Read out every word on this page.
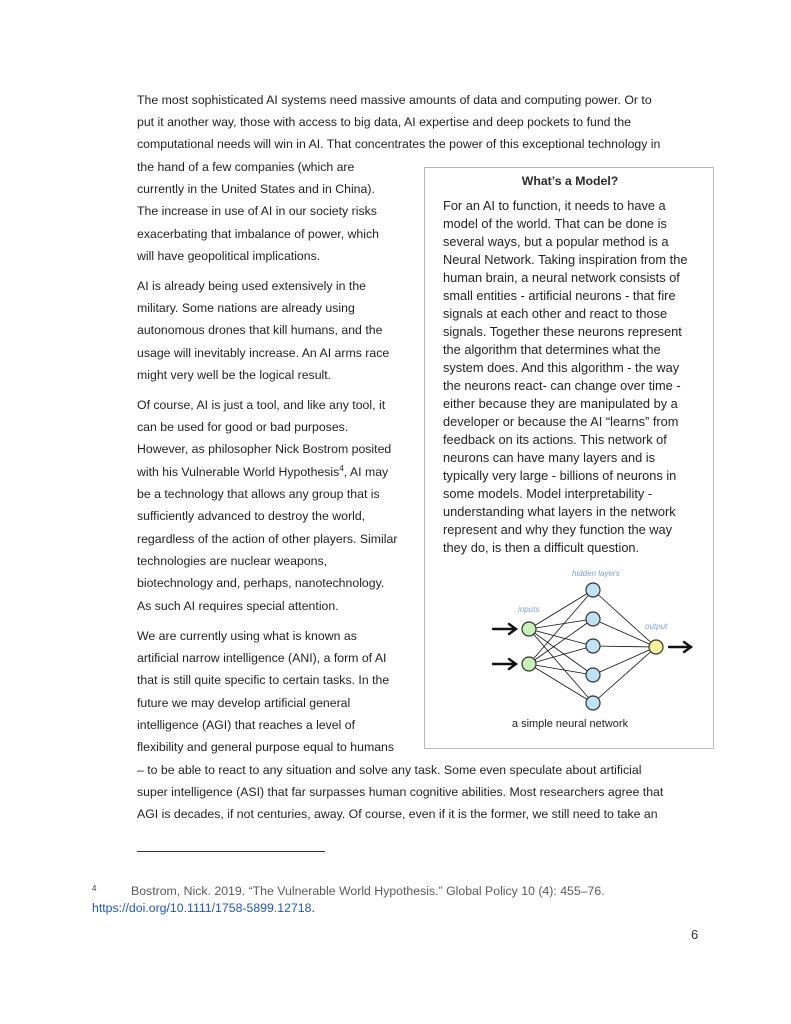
The most sophisticated AI systems need massive amounts of data and computing power. Or to
put it another way, those with access to big data, AI expertise and deep pockets to fund the
computational needs will win in AI. That concentrates the power of this exceptional technology in
the hand of a few companies (which are
currently in the United States and in China).
The increase in use of AI in our society risks
exacerbating that imbalance of power, which
will have geopolitical implications.
AI is already being used extensively in the
military. Some nations are already using
autonomous drones that kill humans, and the
usage will inevitably increase. An AI arms race
might very well be the logical result.
Of course, AI is just a tool, and like any tool, it
can be used for good or bad purposes.
However, as philosopher Nick Bostrom posited
with his Vulnerable World Hypothesis$^4$, AI may
be a technology that allows any group that is
sufficiently advanced to destroy the world,
regardless of the action of other players. Similar
technologies are nuclear weapons,
biotechnology and, perhaps, nanotechnology.
As such AI requires special attention.
We are currently using what is known as
artificial narrow intelligence (ANI), a form of AI
that is still quite specific to certain tasks. In the
future we may develop artificial general
intelligence (AGI) that reaches a level of
flexibility and general purpose equal to humans
– to be able to react to any situation and solve any task. Some even speculate about artificial
super intelligence (ASI) that far surpasses human cognitive abilities. Most researchers agree that
AGI is decades, if not centuries, away. Of course, even if it is the former, we still need to take an
What’s a Model?
For an AI to function, it needs to have a
model of the world. That can be done is
several ways, but a popular method is a
Neural Network. Taking inspiration from the
human brain, a neural network consists of
small entities - artificial neurons - that fire
signals at each other and react to those
signals. Together these neurons represent
the algorithm that determines what the
system does. And this algorithm - the way
the neurons react- can change over time -
either because they are manipulated by a
developer or because the AI “learns” from
feedback on its actions. This network of
neurons can have many layers and is
typically very large - billions of neurons in
some models. Model interpretability -
understanding what layers in the network
represent and why they function the way
they do, is then a difficult question.
hidden layers
inputs
output
a simple neural network
4	Bostrom, Nick. 2019. “The Vulnerable World Hypothesis.” Global Policy 10 (4): 455–76.
https://doi.org/10.1111/1758-5899.12718.
6
